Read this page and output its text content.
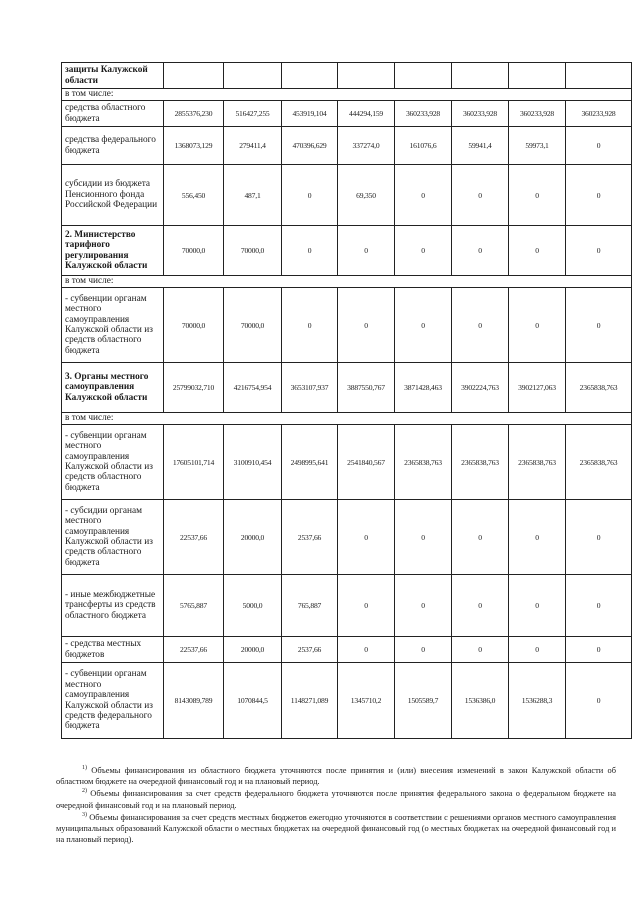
защиты Калужской области								
в том числе:								
средства областного бюджета	2855376,230	516427,255	453919,104	444294,159	360233,928	360233,928	360233,928	360233,928
средства федерального бюджета	1368073,129	279411,4	470396,629	337274,0	161076,6	59941,4	59973,1	0
субсидии из бюджета Пенсионного фонда Российской Федерации	556,450	487,1	0	69,350	0	0	0	0
2. Министерство тарифного регулирования Калужской области	70000,0	70000,0	0	0	0	0	0	0
в том числе:								
- субвенции органам местного самоуправления Калужской области из средств областного бюджета	70000,0	70000,0	0	0	0	0	0	0
3. Органы местного самоуправления Калужской области	25799032,710	4216754,954	3653107,937	3887550,767	3871428,463	3902224,763	3902127,063	2365838,763
в том числе:								
- субвенции органам местного самоуправления Калужской области из средств областного бюджета	17605101,714	3100910,454	2498995,641	2541840,567	2365838,763	2365838,763	2365838,763	2365838,763
- субсидии органам местного самоуправления Калужской области из средств областного бюджета	22537,66	20000,0	2537,66	0	0	0	0	0
- иные межбюджетные трансферты из средств областного бюджета	5765,887	5000,0	765,887	0	0	0	0	0
- средства местных бюджетов	22537,66	20000,0	2537,66	0	0	0	0	0
- субвенции органам местного самоуправления Калужской области из средств федерального бюджета	8143089,789	1070844,5	1148271,089	1345710,2	1505589,7	1536386,0	1536288,3	0

$^{1)}$ Объемы финансирования из областного бюджета уточняются после принятия и (или) внесения изменений в закон Калужской области об областном бюджете на очередной финансовый год и на плановый период.

$^{2)}$ Объемы финансирования за счет средств федерального бюджета уточняются после принятия федерального закона о федеральном бюджете на очередной финансовый год и на плановый период.

$^{3)}$ Объемы финансирования за счет средств местных бюджетов ежегодно уточняются в соответствии с решениями органов местного самоуправления муниципальных образований Калужской области о местных бюджетах на очередной финансовый год (о местных бюджетах на очередной финансовый год и на плановый период).
